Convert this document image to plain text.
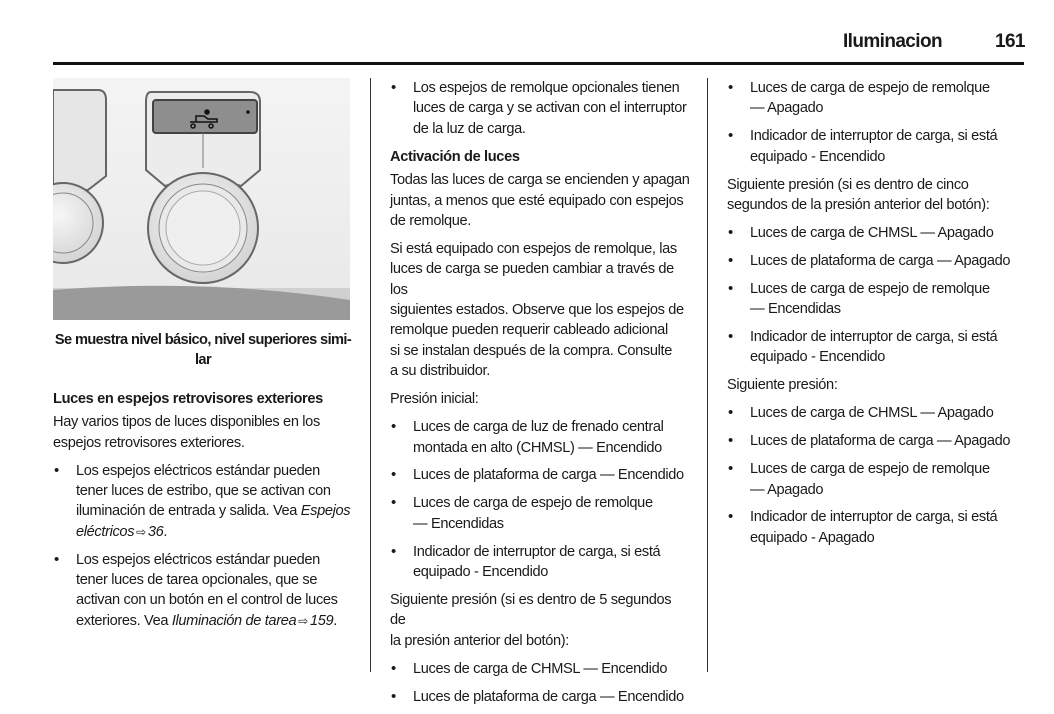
Iluminacion	161
Se muestra nivel básico, nivel superiores simi-
lar
Luces en espejos retrovisores exteriores
Hay varios tipos de luces disponibles en los
espejos retrovisores exteriores.
• Los espejos eléctricos estándar pueden
tener luces de estribo, que se activan con
iluminación de entrada y salida. Vea Espejos
eléctricos ⇨ 36.
• Los espejos eléctricos estándar pueden
tener luces de tarea opcionales, que se
activan con un botón en el control de luces
exteriores. Vea Iluminación de tarea ⇨ 159.
• Los espejos de remolque opcionales tienen
luces de carga y se activan con el interruptor
de la luz de carga.
Activación de luces
Todas las luces de carga se encienden y apagan
juntas, a menos que esté equipado con espejos
de remolque.
Si está equipado con espejos de remolque, las
luces de carga se pueden cambiar a través de los
siguientes estados. Observe que los espejos de
remolque pueden requerir cableado adicional
si se instalan después de la compra. Consulte
a su distribuidor.
Presión inicial:
• Luces de carga de luz de frenado central
montada en alto (CHMSL) — Encendido
• Luces de plataforma de carga — Encendido
• Luces de carga de espejo de remolque
— Encendidas
• Indicador de interruptor de carga, si está
equipado - Encendido
Siguiente presión (si es dentro de 5 segundos de
la presión anterior del botón):
• Luces de carga de CHMSL — Encendido
• Luces de plataforma de carga — Encendido
• Luces de carga de espejo de remolque
— Apagado
• Indicador de interruptor de carga, si está
equipado - Encendido
Siguiente presión (si es dentro de cinco
segundos de la presión anterior del botón):
• Luces de carga de CHMSL — Apagado
• Luces de plataforma de carga — Apagado
• Luces de carga de espejo de remolque
— Encendidas
• Indicador de interruptor de carga, si está
equipado - Encendido
Siguiente presión:
• Luces de carga de CHMSL — Apagado
• Luces de plataforma de carga — Apagado
• Luces de carga de espejo de remolque
— Apagado
• Indicador de interruptor de carga, si está
equipado - Apagado
